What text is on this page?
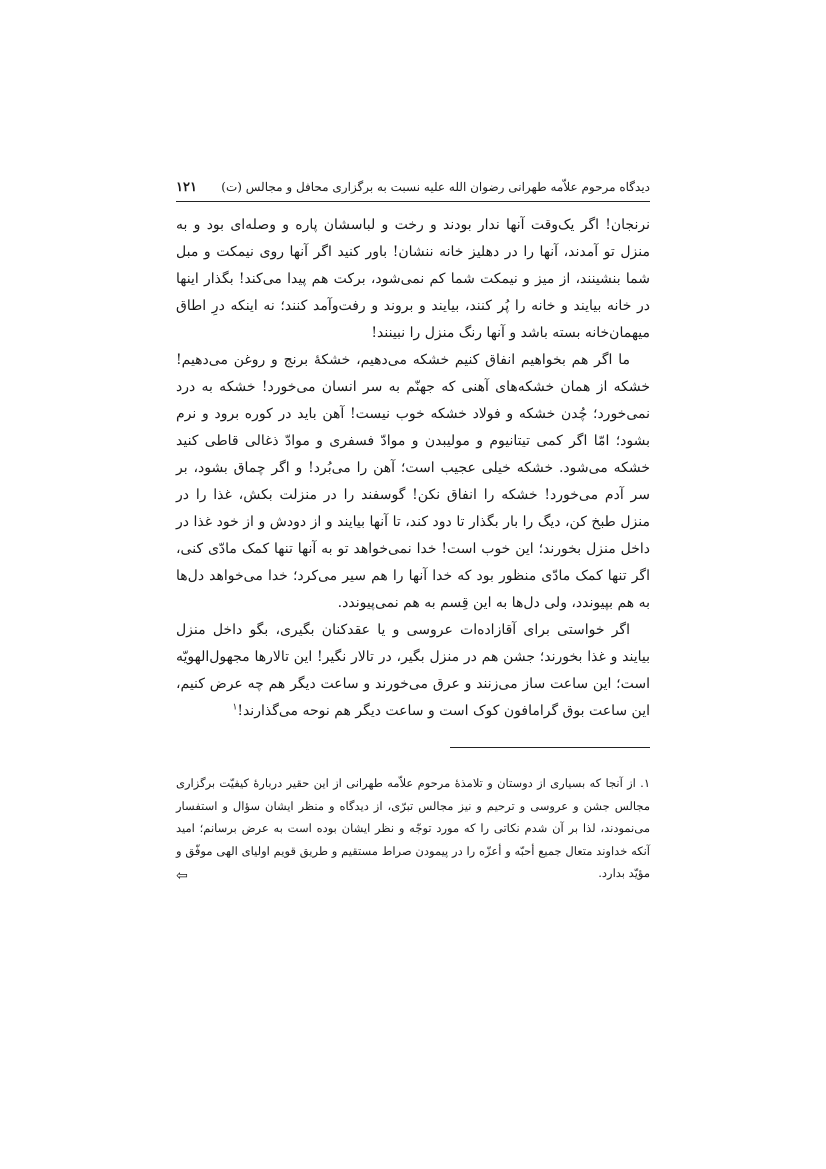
دیدگاه مرحوم علاّمه طهرانی رضوان الله علیه نسبت به برگزاری محافل و مجالس (ت)
۱۲۱

نرنجان! اگر یک‌وقت آنها ندار بودند و رخت و لباسشان پاره و وصله‌ای بود و به منزل تو آمدند، آنها را در دهلیز خانه ننشان! باور کنید اگر آنها روی نیمکت و مبل شما بنشینند، از میز و نیمکت شما کم نمی‌شود، برکت هم پیدا می‌کند! بگذار اینها در خانه بیایند و خانه را پُر کنند، بیایند و بروند و رفت‌وآمد کنند؛ نه اینکه درِ اطاق میهمان‌خانه بسته باشد و آنها رنگ منزل را نبینند!

ما اگر هم بخواهیم انفاق کنیم خشکه می‌دهیم، خشکهٔ برنج و روغن می‌دهیم! خشکه از همان خشکه‌های آهنی که جهنّم به سر انسان می‌خورد! خشکه به درد نمی‌خورد؛ چُدن خشکه و فولاد خشکه خوب نیست! آهن باید در کوره برود و نرم بشود؛ امّا اگر کمی تیتانیوم و مولیبدن و موادّ فسفری و موادّ ذغالی قاطی کنید خشکه می‌شود. خشکه خیلی عجیب است؛ آهن را می‌بُرد! و اگر چماق بشود، بر سر آدم می‌خورد! خشکه را انفاق نکن! گوسفند را در منزلت بکش، غذا را در منزل طبخ کن، دیگ را بار بگذار تا دود کند، تا آنها بیایند و از دودش و از خود غذا در داخل منزل بخورند؛ این خوب است! خدا نمی‌خواهد تو به آنها تنها کمک مادّی کنی، اگر تنها کمک مادّی منظور بود که خدا آنها را هم سیر می‌کرد؛ خدا می‌خواهد دل‌ها به هم بپیوندد، ولی دل‌ها به این قِسم به هم نمی‌پیوندد.

اگر خواستی برای آقازاده‌ات عروسی و یا عقدکنان بگیری، بگو داخل منزل بیایند و غذا بخورند؛ جشن هم در منزل بگیر، در تالار نگیر! این تالارها مجهول‌الهویّه است؛ این ساعت ساز می‌زنند و عرق می‌خورند و ساعت دیگر هم چه عرض کنیم، این ساعت بوق گرامافون کوک است و ساعت دیگر هم نوحه می‌گذارند!$^۱$

۱. از آنجا که بسیاری از دوستان و تلامذهٔ مرحوم علاّمه طهرانی از این حقیر دربارهٔ کیفیّت برگزاری مجالس جشن و عروسی و ترحیم و نیز مجالس تبرّی، از دیدگاه و منظر ایشان سؤال و استفسار می‌نمودند، لذا بر آن شدم نکاتی را که مورد توجّه و نظر ایشان بوده است به عرض برسانم؛ امید آنکه خداوند متعال جمیع أحبّه و أعزّه را در پیمودن صراط مستقیم و طریق قویم اولیای الهی موفّق و مؤیّد بدارد.

⇦
